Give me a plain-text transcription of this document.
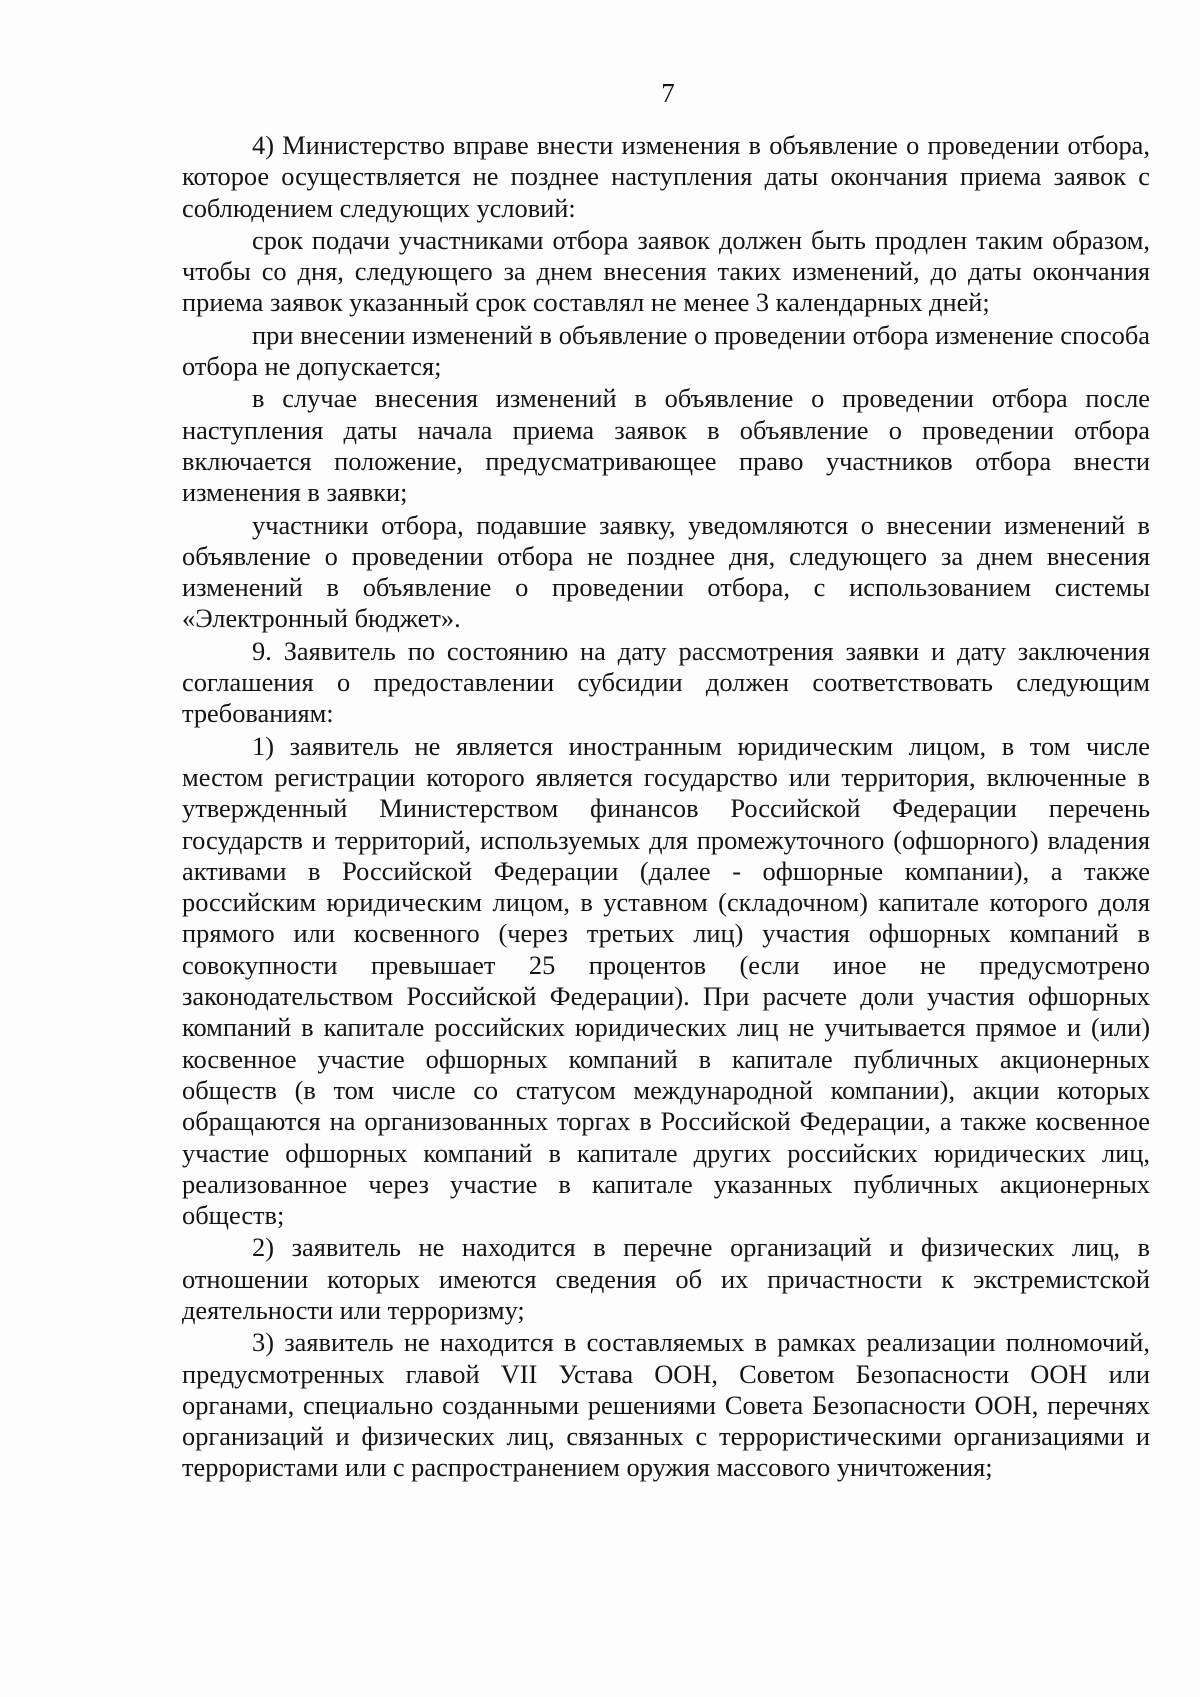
7

4) Министерство вправе внести изменения в объявление о проведении отбора, которое осуществляется не позднее наступления даты окончания приема заявок с соблюдением следующих условий:

срок подачи участниками отбора заявок должен быть продлен таким образом, чтобы со дня, следующего за днем внесения таких изменений, до даты окончания приема заявок указанный срок составлял не менее 3 календарных дней;

при внесении изменений в объявление о проведении отбора изменение способа отбора не допускается;

в случае внесения изменений в объявление о проведении отбора после наступления даты начала приема заявок в объявление о проведении отбора включается положение, предусматривающее право участников отбора внести изменения в заявки;

участники отбора, подавшие заявку, уведомляются о внесении изменений в объявление о проведении отбора не позднее дня, следующего за днем внесения изменений в объявление о проведении отбора, с использованием системы «Электронный бюджет».

9. Заявитель по состоянию на дату рассмотрения заявки и дату заключения соглашения о предоставлении субсидии должен соответствовать следующим требованиям:

1) заявитель не является иностранным юридическим лицом, в том числе местом регистрации которого является государство или территория, включенные в утвержденный Министерством финансов Российской Федерации перечень государств и территорий, используемых для промежуточного (офшорного) владения активами в Российской Федерации (далее - офшорные компании), а также российским юридическим лицом, в уставном (складочном) капитале которого доля прямого или косвенного (через третьих лиц) участия офшорных компаний в совокупности превышает 25 процентов (если иное не предусмотрено законодательством Российской Федерации). При расчете доли участия офшорных компаний в капитале российских юридических лиц не учитывается прямое и (или) косвенное участие офшорных компаний в капитале публичных акционерных обществ (в том числе со статусом международной компании), акции которых обращаются на организованных торгах в Российской Федерации, а также косвенное участие офшорных компаний в капитале других российских юридических лиц, реализованное через участие в капитале указанных публичных акционерных обществ;

2) заявитель не находится в перечне организаций и физических лиц, в отношении которых имеются сведения об их причастности к экстремистской деятельности или терроризму;

3) заявитель не находится в составляемых в рамках реализации полномочий, предусмотренных главой VII Устава ООН, Советом Безопасности ООН или органами, специально созданными решениями Совета Безопасности ООН, перечнях организаций и физических лиц, связанных с террористическими организациями и террористами или с распространением оружия массового уничтожения;
